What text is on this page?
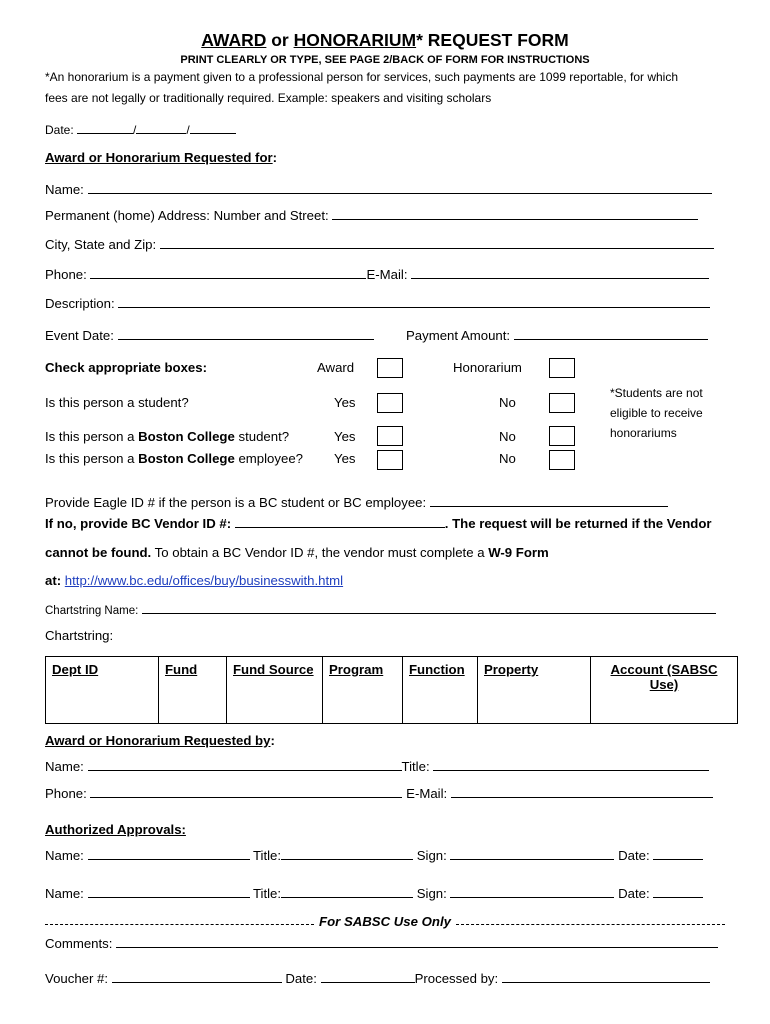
AWARD or HONORARIUM* REQUEST FORM
PRINT CLEARLY OR TYPE, SEE PAGE 2/BACK OF FORM FOR INSTRUCTIONS
*An honorarium is a payment given to a professional person for services, such payments are 1099 reportable, for which
fees are not legally or traditionally required. Example: speakers and visiting scholars
Date:	/	/
Award or Honorarium Requested for:
Name:
Permanent (home) Address: Number and Street:
City, State and Zip:
Phone:	E-Mail:
Description:
Event Date:	Payment Amount:
Check appropriate boxes:	Award	Honorarium
Is this person a student?	Yes	No
Is this person a Boston College student?	Yes	No
Is this person a Boston College employee? Yes	No
*Students are not
eligible to receive
honorariums
Provide Eagle ID # if the person is a BC student or BC employee:
If no, provide BC Vendor ID #:	. The request will be returned if the Vendor
cannot be found. To obtain a BC Vendor ID #, the vendor must complete a W-9 Form
at: http://www.bc.edu/offices/buy/businesswith.html
Chartstring Name:
Chartstring:
Dept ID	Fund	Fund Source	Program	Function	Property	Account (SABSC Use)
Award or Honorarium Requested by:
Name:	Title:
Phone:	E-Mail:
Authorized Approvals:
Name:	Title:	Sign:	Date:
Name:	Title:	Sign:	Date:
For SABSC Use Only
Comments:
Voucher #:	Date:	Processed by:
